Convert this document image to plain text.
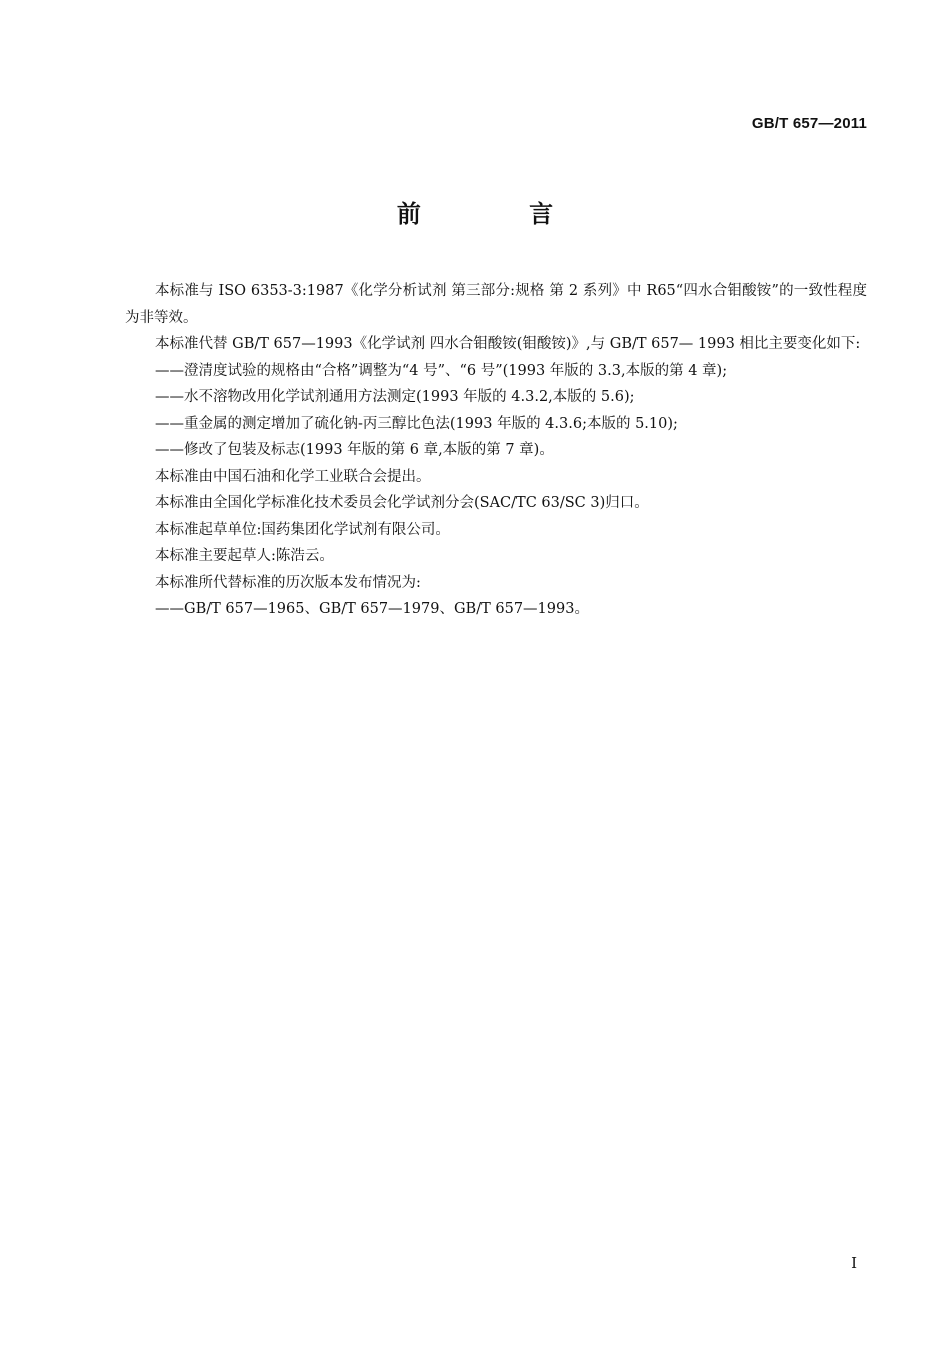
GB/T 657—2011
前 言

本标准与 ISO 6353-3:1987《化学分析试剂 第三部分:规格 第 2 系列》中 R65“四水合钼酸铵”的一致性程度为非等效。

本标准代替 GB/T 657—1993《化学试剂 四水合钼酸铵(钼酸铵)》,与 GB/T 657— 1993 相比主要变化如下:

——澄清度试验的规格由“合格”调整为“4 号”、“6 号”(1993 年版的 3.3,本版的第 4 章);

——水不溶物改用化学试剂通用方法测定(1993 年版的 4.3.2,本版的 5.6);

——重金属的测定增加了硫化钠-丙三醇比色法(1993 年版的 4.3.6;本版的 5.10);

——修改了包装及标志(1993 年版的第 6 章,本版的第 7 章)。

本标准由中国石油和化学工业联合会提出。

本标准由全国化学标准化技术委员会化学试剂分会(SAC/TC 63/SC 3)归口。

本标准起草单位:国药集团化学试剂有限公司。

本标准主要起草人:陈浩云。

本标准所代替标准的历次版本发布情况为:

——GB/T 657—1965、GB/T 657—1979、GB/T 657—1993。

I
